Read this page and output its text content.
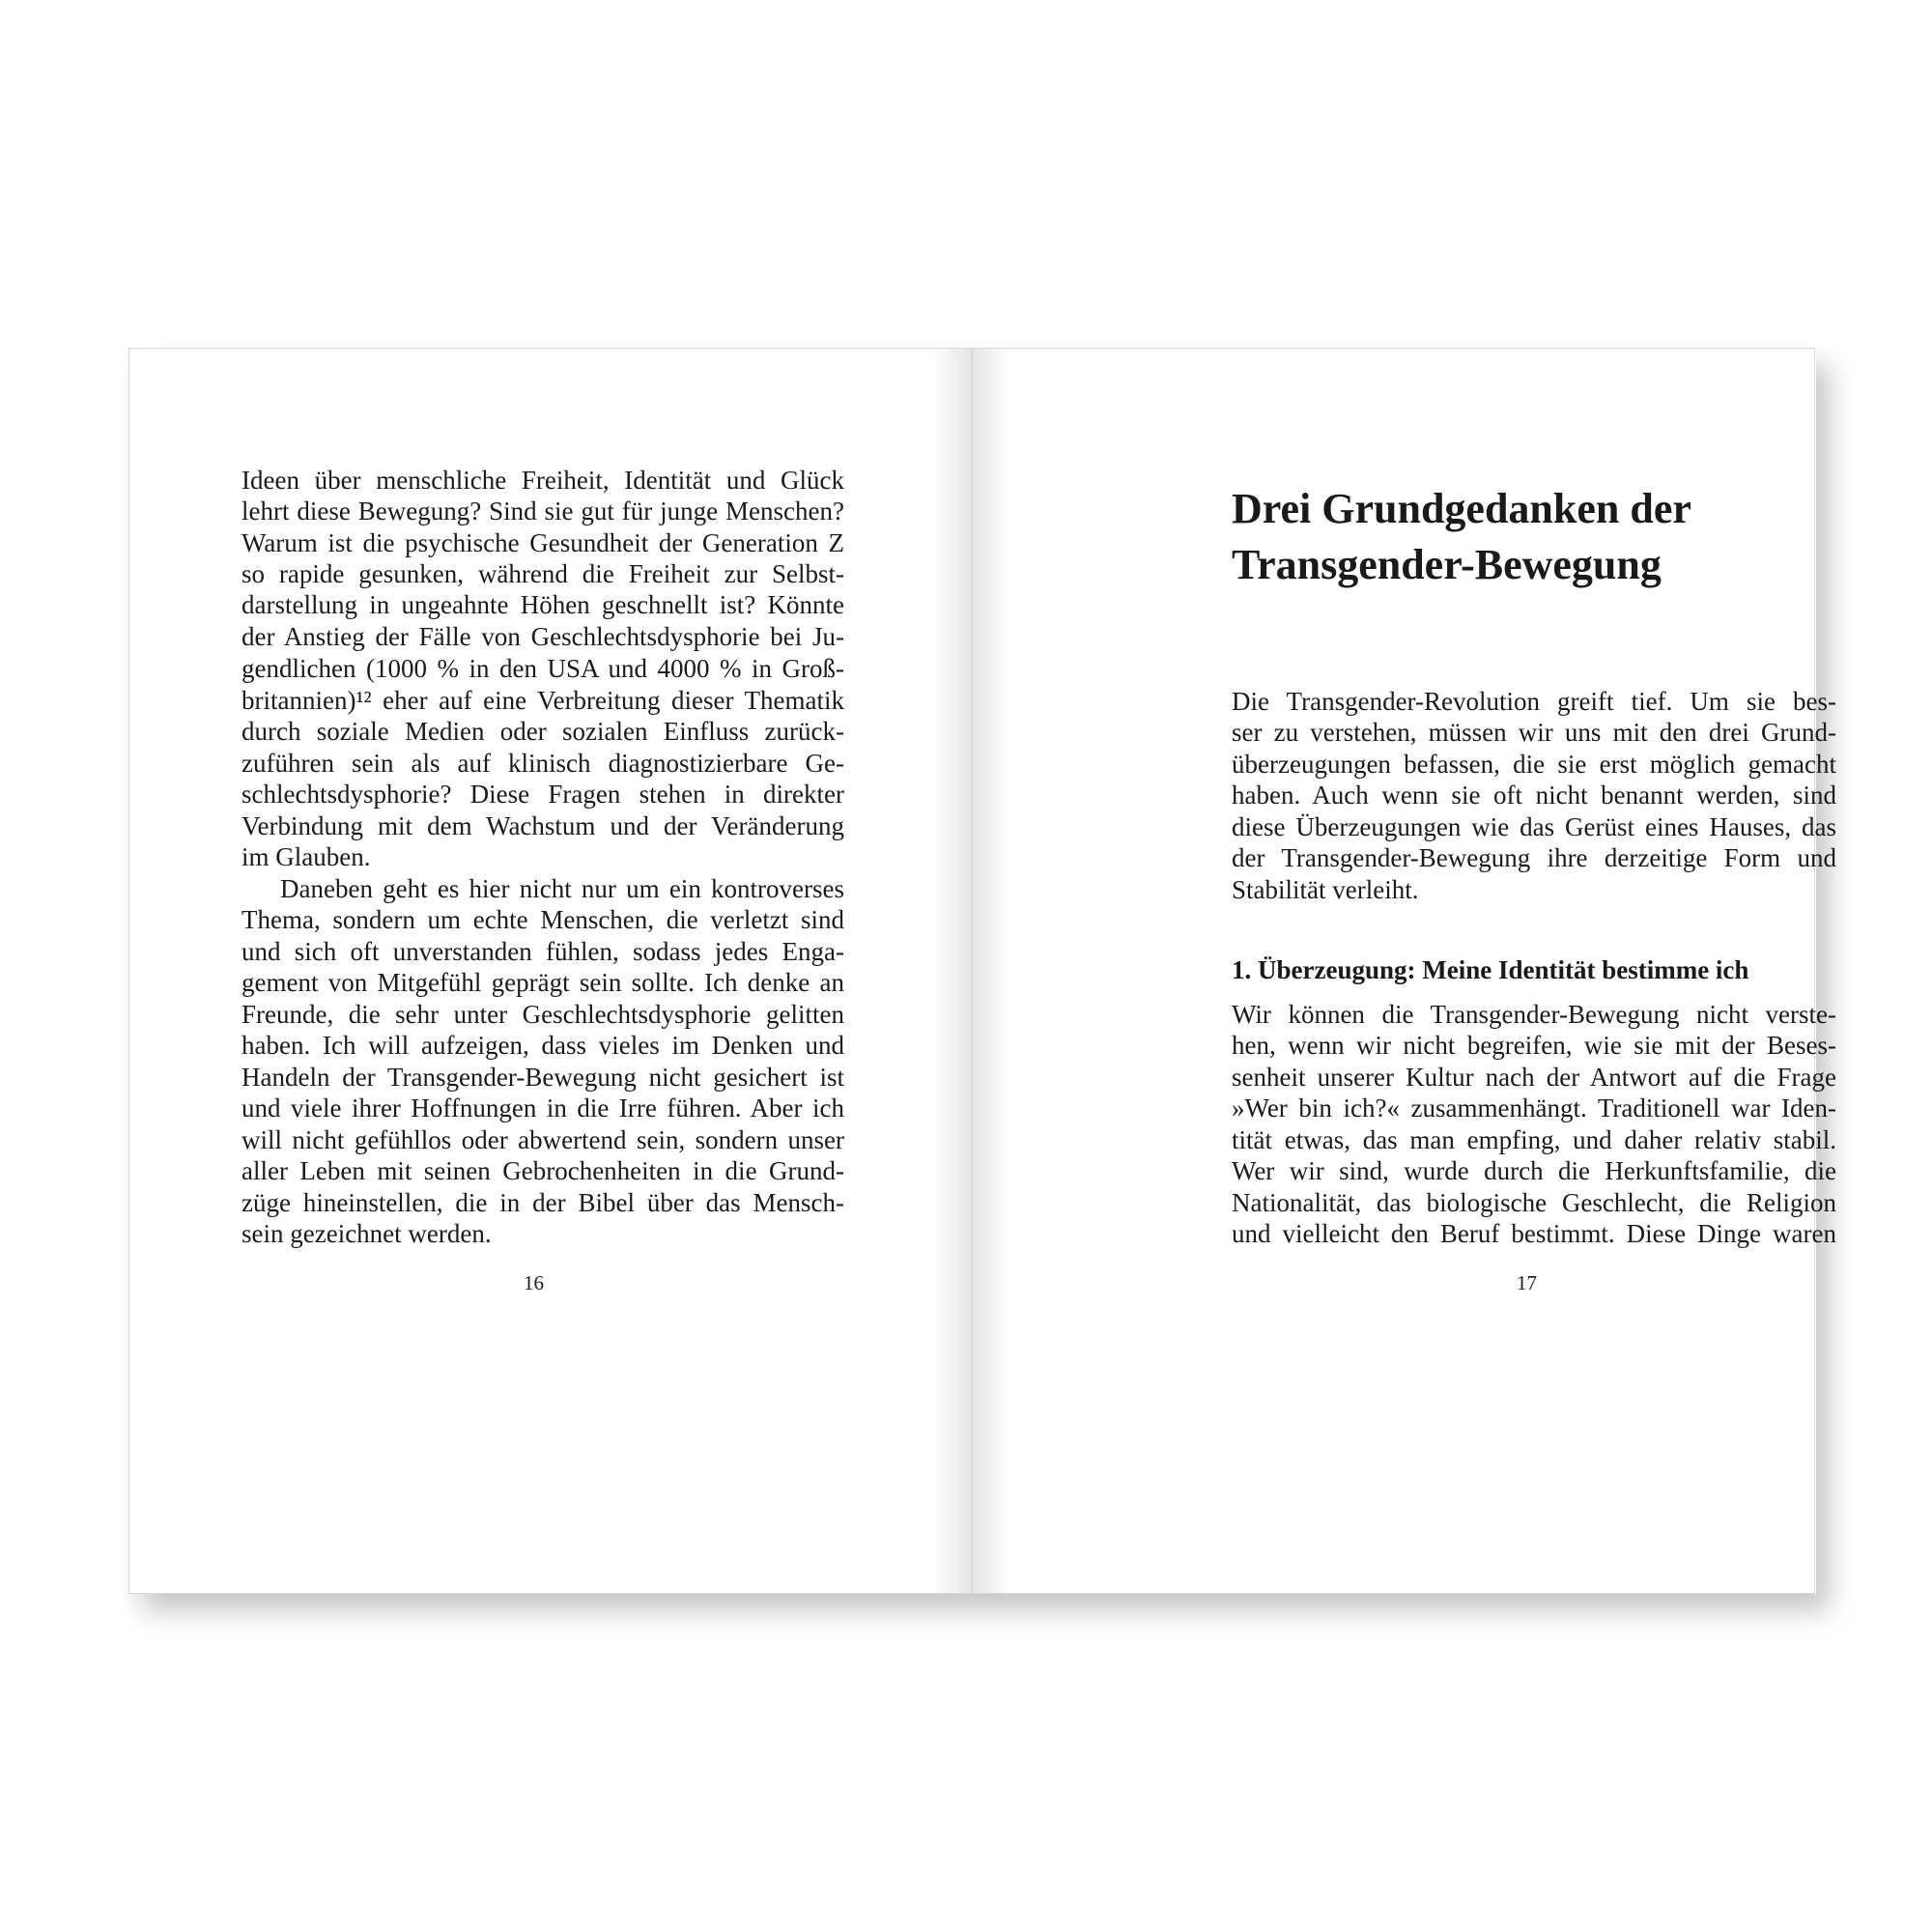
Ideen über menschliche Freiheit, Identität und Glück
lehrt diese Bewegung? Sind sie gut für junge Menschen?
Warum ist die psychische Gesundheit der Generation Z
so rapide gesunken, während die Freiheit zur Selbst-
darstellung in ungeahnte Höhen geschnellt ist? Könnte
der Anstieg der Fälle von Geschlechtsdysphorie bei Ju-
gendlichen (1000 % in den USA und 4000 % in Groß-
britannien)¹² eher auf eine Verbreitung dieser Thematik
durch soziale Medien oder sozialen Einfluss zurück-
zuführen sein als auf klinisch diagnostizierbare Ge-
schlechtsdysphorie? Diese Fragen stehen in direkter
Verbindung mit dem Wachstum und der Veränderung
im Glauben.
Daneben geht es hier nicht nur um ein kontroverses
Thema, sondern um echte Menschen, die verletzt sind
und sich oft unverstanden fühlen, sodass jedes Enga-
gement von Mitgefühl geprägt sein sollte. Ich denke an
Freunde, die sehr unter Geschlechtsdysphorie gelitten
haben. Ich will aufzeigen, dass vieles im Denken und
Handeln der Transgender-Bewegung nicht gesichert ist
und viele ihrer Hoffnungen in die Irre führen. Aber ich
will nicht gefühllos oder abwertend sein, sondern unser
aller Leben mit seinen Gebrochenheiten in die Grund-
züge hineinstellen, die in der Bibel über das Mensch-
sein gezeichnet werden.
16
Drei Grundgedanken der
Transgender-Bewegung
Die Transgender-Revolution greift tief. Um sie bes-
ser zu verstehen, müssen wir uns mit den drei Grund-
überzeugungen befassen, die sie erst möglich gemacht
haben. Auch wenn sie oft nicht benannt werden, sind
diese Überzeugungen wie das Gerüst eines Hauses, das
der Transgender-Bewegung ihre derzeitige Form und
Stabilität verleiht.
1. Überzeugung: Meine Identität bestimme ich
Wir können die Transgender-Bewegung nicht verste-
hen, wenn wir nicht begreifen, wie sie mit der Beses-
senheit unserer Kultur nach der Antwort auf die Frage
»Wer bin ich?« zusammenhängt. Traditionell war Iden-
tität etwas, das man empfing, und daher relativ stabil.
Wer wir sind, wurde durch die Herkunftsfamilie, die
Nationalität, das biologische Geschlecht, die Religion
und vielleicht den Beruf bestimmt. Diese Dinge waren
17
